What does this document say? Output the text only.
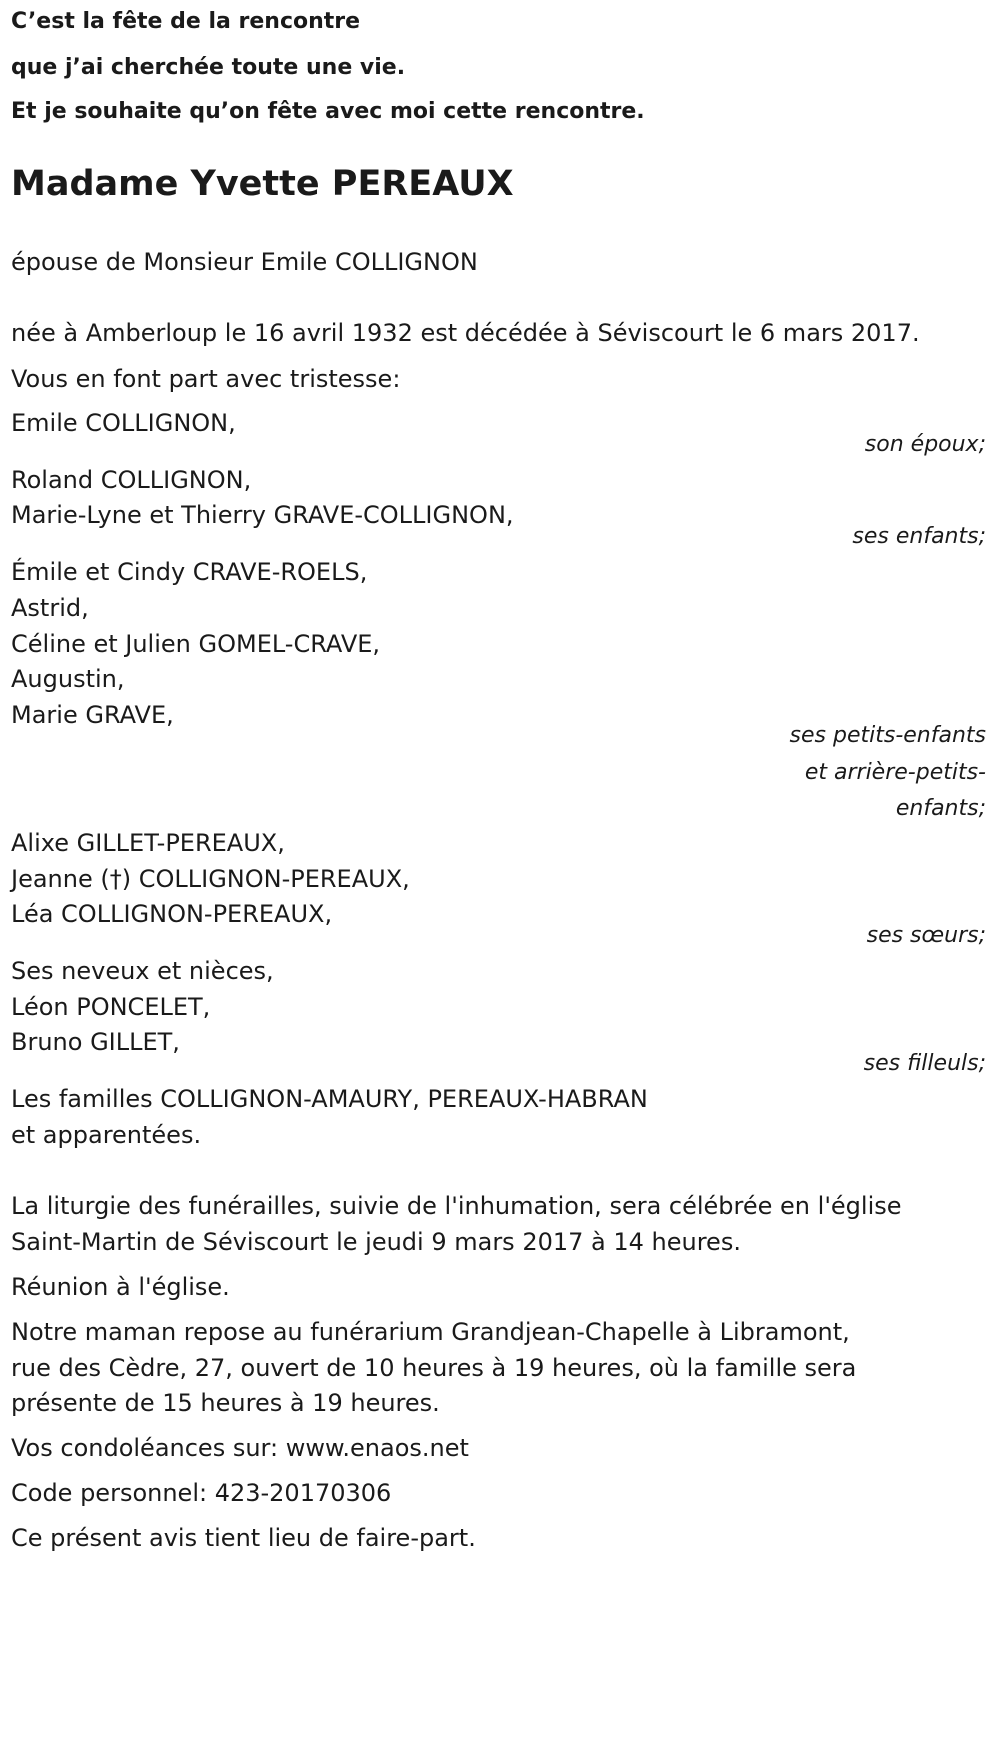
C’est la fête de la rencontre
que j’ai cherchée toute une vie.
Et je souhaite qu’on fête avec moi cette rencontre.
Madame Yvette PEREAUX
épouse de Monsieur Emile COLLIGNON
née à Amberloup le 16 avril 1932 est décédée à Séviscourt le 6 mars 2017.
Vous en font part avec tristesse:
Emile COLLIGNON,
son époux;
Roland COLLIGNON,
Marie-Lyne et Thierry GRAVE-COLLIGNON,
ses enfants;
Émile et Cindy CRAVE-ROELS,
Astrid,
Céline et Julien GOMEL-CRAVE,
Augustin,
Marie GRAVE,
ses petits-enfants
et arrière-petits-
enfants;
Alixe GILLET-PEREAUX,
Jeanne (†) COLLIGNON-PEREAUX,
Léa COLLIGNON-PEREAUX,
ses sœurs;
Ses neveux et nièces,
Léon PONCELET,
Bruno GILLET,
ses filleuls;
Les familles COLLIGNON-AMAURY, PEREAUX-HABRAN
et apparentées.
La liturgie des funérailles, suivie de l'inhumation, sera célébrée en l'église
Saint-Martin de Séviscourt le jeudi 9 mars 2017 à 14 heures.
Réunion à l'église.
Notre maman repose au funérarium Grandjean-Chapelle à Libramont,
rue des Cèdre, 27, ouvert de 10 heures à 19 heures, où la famille sera
présente de 15 heures à 19 heures.
Vos condoléances sur: www.enaos.net
Code personnel: 423-20170306
Ce présent avis tient lieu de faire-part.
